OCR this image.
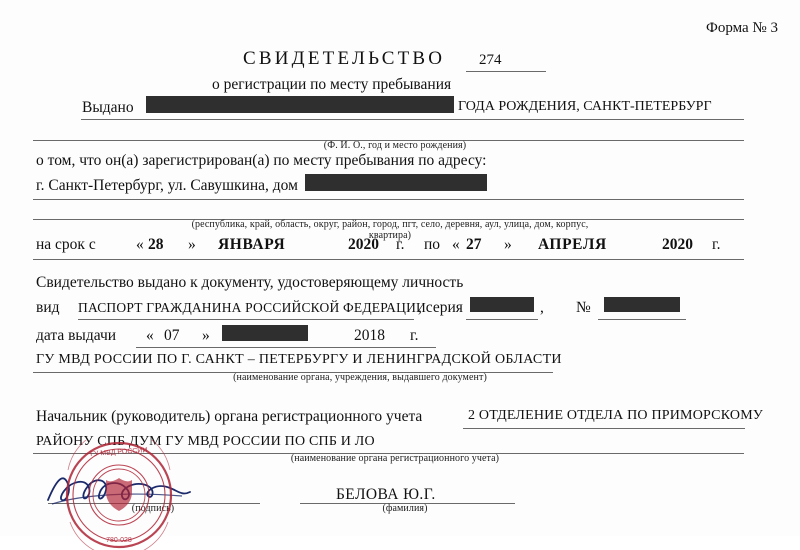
Форма № 3
СВИДЕТЕЛЬСТВО 274
о регистрации по месту пребывания
Выдано	ГОДА РОЖДЕНИЯ, САНКТ-ПЕТЕРБУРГ
(Ф. И. О., год и место рождения)
о том, что он(а) зарегистрирован(а) по месту пребывания по адресу:
г. Санкт-Петербург, ул. Савушкина, дом
(республика, край, область, округ, район, город, пгт, село, деревня, аул, улица, дом, корпус, квартира)
на срок с	« 28 » ЯНВАРЯ	2020 г. по « 27 » АПРЕЛЯ	2020 г.
Свидетельство выдано к документу, удостоверяющему личность
вид ПАСПОРТ ГРАЖДАНИНА РОССИЙСКОЙ ФЕДЕРАЦИИ
, серия	, №
дата выдачи « 07 »	2018 г.
ГУ МВД РОССИИ ПО Г. САНКТ – ПЕТЕРБУРГУ И ЛЕНИНГРАДСКОЙ ОБЛАСТИ
(наименование органа, учреждения, выдавшего документ)
Начальник (руководитель) органа регистрационного учета	2 ОТДЕЛЕНИЕ ОТДЕЛА ПО ПРИМОРСКОМУ
РАЙОНУ СПБ ДУМ ГУ МВД РОССИИ ПО СПБ И ЛО
(наименование органа регистрационного учета)
(подпись)
БЕЛОВА Ю.Г.
(фамилия)
ГУ МВД РОССИИ
780-028
